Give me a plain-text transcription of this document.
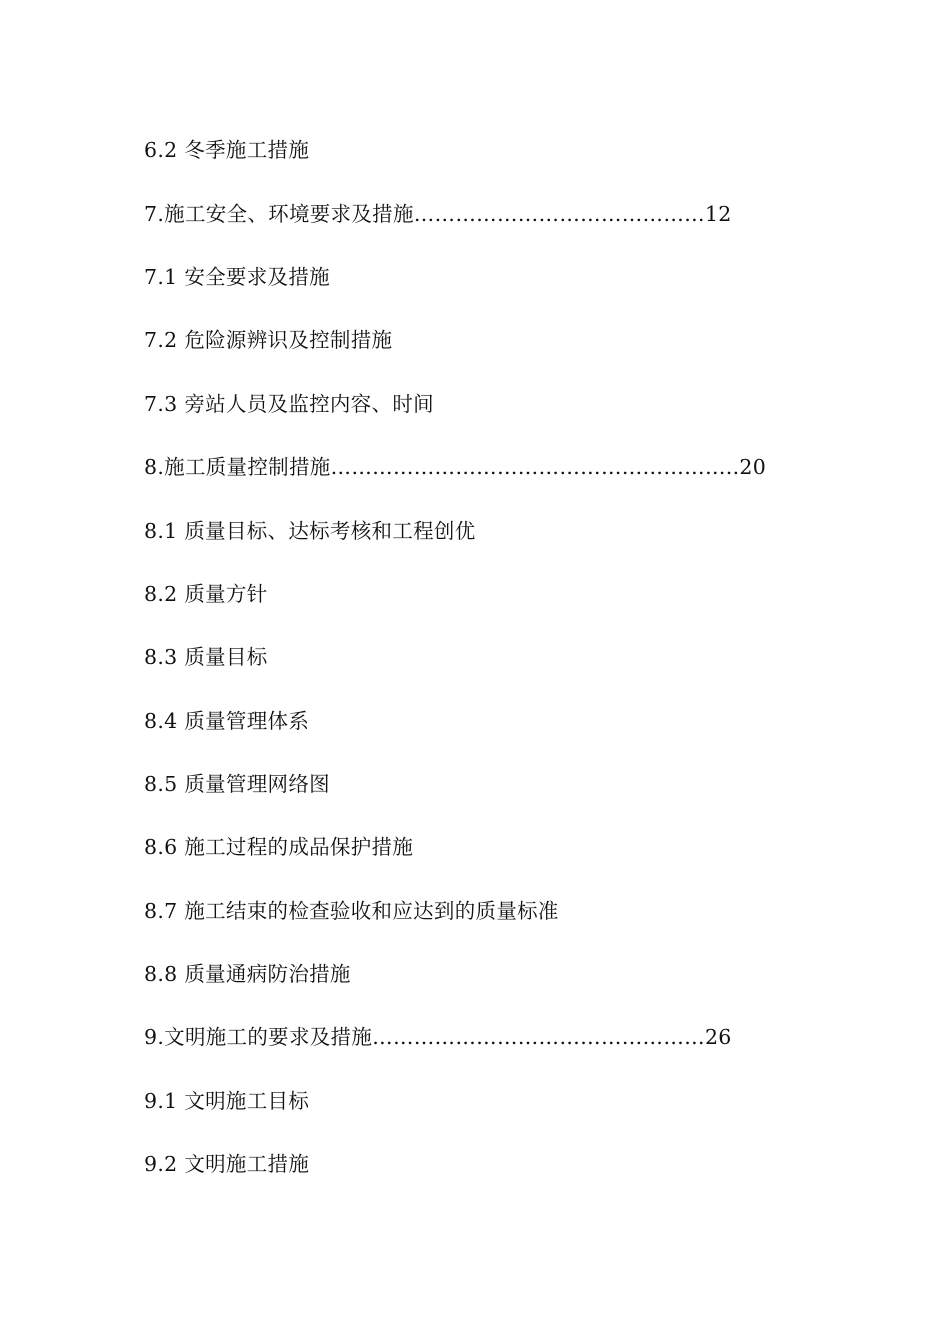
6.2 冬季施工措施
7.施工安全、环境要求及措施……………………………………12
7.1 安全要求及措施
7.2 危险源辨识及控制措施
7.3 旁站人员及监控内容、时间
8.施工质量控制措施…………………………………………………..20
8.1 质量目标、达标考核和工程创优
8.2 质量方针
8.3 质量目标
8.4 质量管理体系
8.5 质量管理网络图
8.6 施工过程的成品保护措施
8.7 施工结束的检查验收和应达到的质量标准
8.8 质量通病防治措施
9.文明施工的要求及措施…………………………………………26
9.1 文明施工目标
9.2 文明施工措施
